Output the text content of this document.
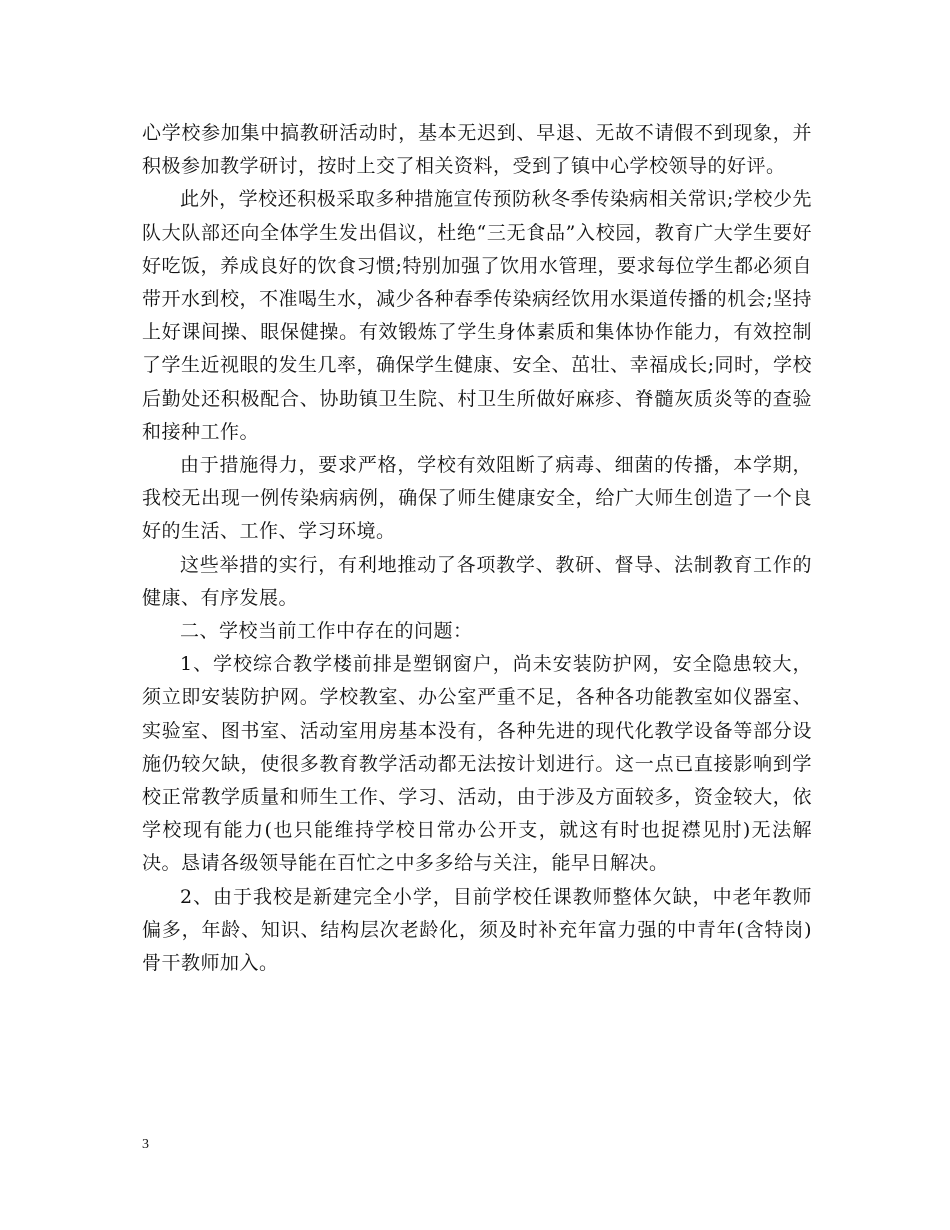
心学校参加集中搞教研活动时，基本无迟到、早退、无故不请假不到现象，并积极参加教学研讨，按时上交了相关资料，受到了镇中心学校领导的好评。

此外，学校还积极采取多种措施宣传预防秋冬季传染病相关常识;学校少先队大队部还向全体学生发出倡议，杜绝“三无食品”入校园，教育广大学生要好好吃饭，养成良好的饮食习惯;特别加强了饮用水管理，要求每位学生都必须自带开水到校，不准喝生水，减少各种春季传染病经饮用水渠道传播的机会;坚持上好课间操、眼保健操。有效锻炼了学生身体素质和集体协作能力，有效控制了学生近视眼的发生几率，确保学生健康、安全、茁壮、幸福成长;同时，学校后勤处还积极配合、协助镇卫生院、村卫生所做好麻疹、脊髓灰质炎等的查验和接种工作。

由于措施得力，要求严格，学校有效阻断了病毒、细菌的传播，本学期，我校无出现一例传染病病例，确保了师生健康安全，给广大师生创造了一个良好的生活、工作、学习环境。

这些举措的实行，有利地推动了各项教学、教研、督导、法制教育工作的健康、有序发展。

二、学校当前工作中存在的问题：

1、学校综合教学楼前排是塑钢窗户，尚未安装防护网，安全隐患较大，须立即安装防护网。学校教室、办公室严重不足，各种各功能教室如仪器室、实验室、图书室、活动室用房基本没有，各种先进的现代化教学设备等部分设施仍较欠缺，使很多教育教学活动都无法按计划进行。这一点已直接影响到学校正常教学质量和师生工作、学习、活动，由于涉及方面较多，资金较大，依学校现有能力(也只能维持学校日常办公开支，就这有时也捉襟见肘)无法解决。恳请各级领导能在百忙之中多多给与关注，能早日解决。

2、由于我校是新建完全小学，目前学校任课教师整体欠缺，中老年教师偏多，年龄、知识、结构层次老龄化，须及时补充年富力强的中青年(含特岗)骨干教师加入。

3
